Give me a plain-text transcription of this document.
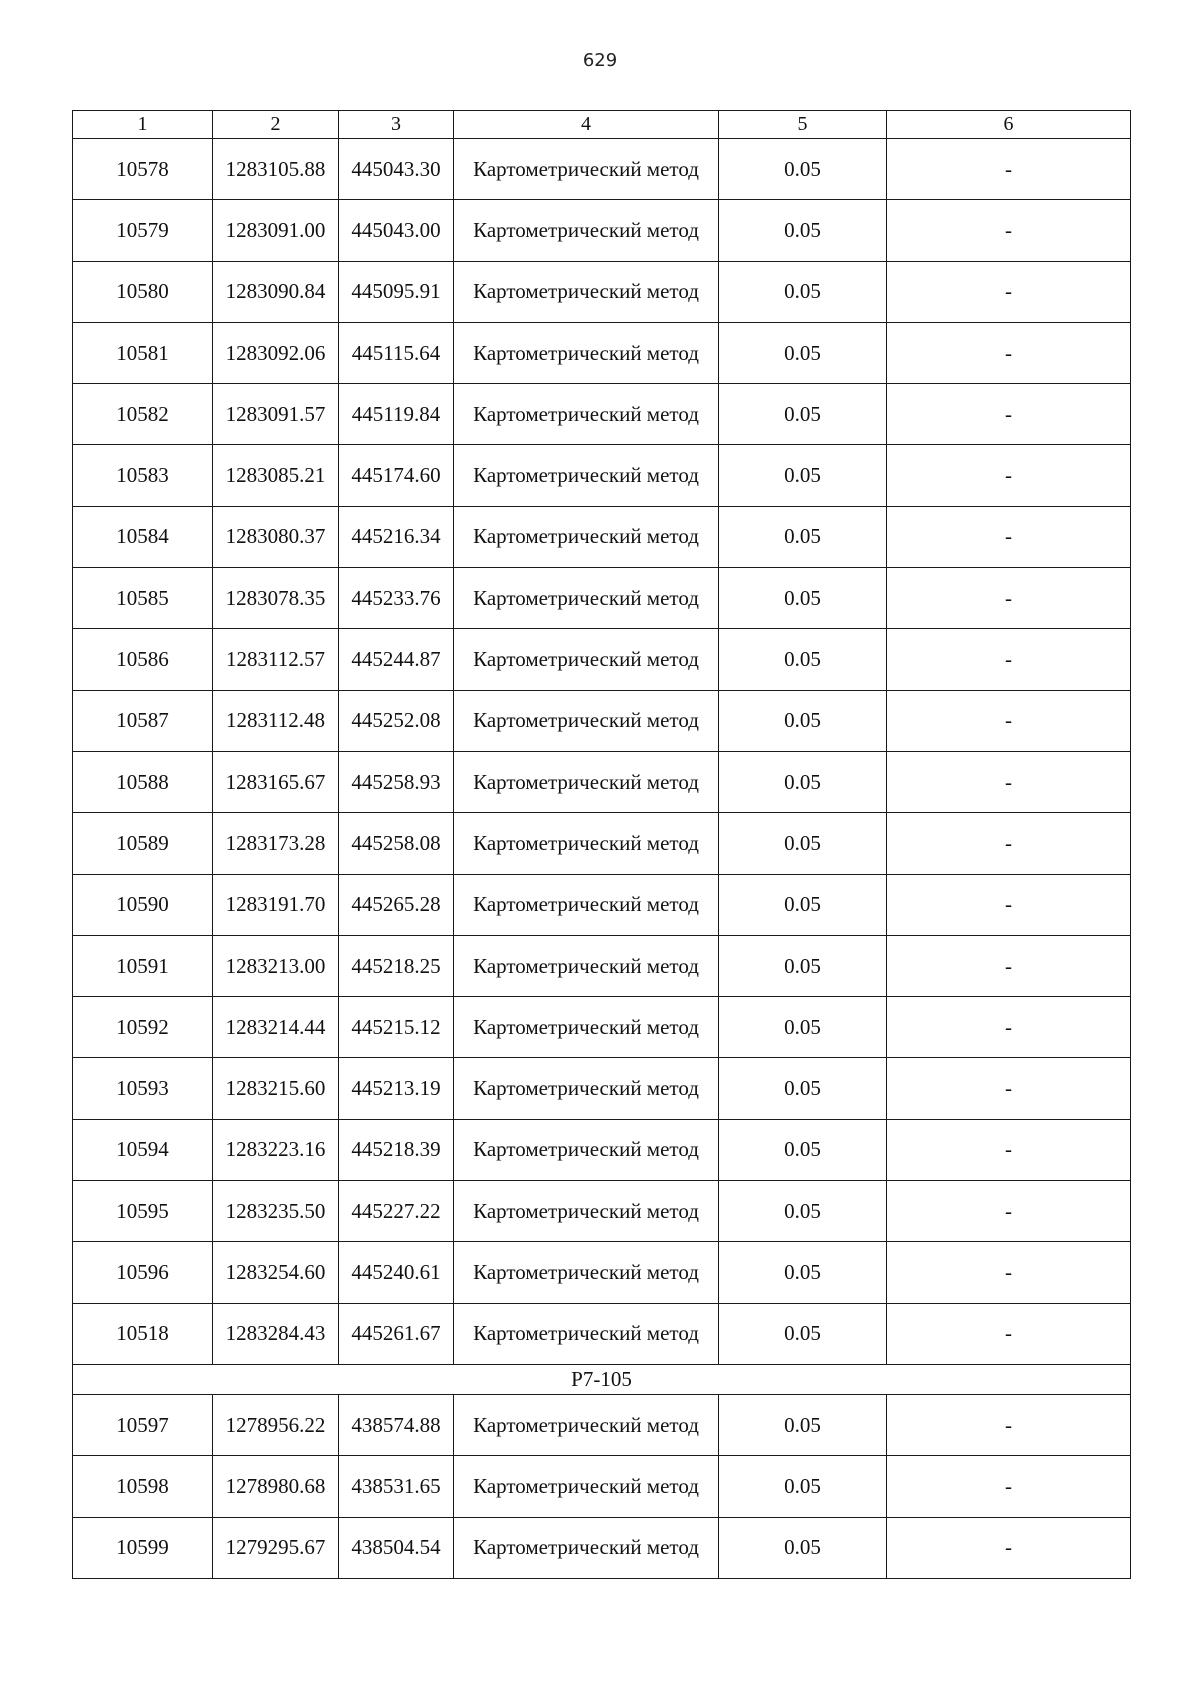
629
1	2	3	4	5	6
10578	1283105.88	445043.30	Картометрический метод	0.05	-
10579	1283091.00	445043.00	Картометрический метод	0.05	-
10580	1283090.84	445095.91	Картометрический метод	0.05	-
10581	1283092.06	445115.64	Картометрический метод	0.05	-
10582	1283091.57	445119.84	Картометрический метод	0.05	-
10583	1283085.21	445174.60	Картометрический метод	0.05	-
10584	1283080.37	445216.34	Картометрический метод	0.05	-
10585	1283078.35	445233.76	Картометрический метод	0.05	-
10586	1283112.57	445244.87	Картометрический метод	0.05	-
10587	1283112.48	445252.08	Картометрический метод	0.05	-
10588	1283165.67	445258.93	Картометрический метод	0.05	-
10589	1283173.28	445258.08	Картометрический метод	0.05	-
10590	1283191.70	445265.28	Картометрический метод	0.05	-
10591	1283213.00	445218.25	Картометрический метод	0.05	-
10592	1283214.44	445215.12	Картометрический метод	0.05	-
10593	1283215.60	445213.19	Картометрический метод	0.05	-
10594	1283223.16	445218.39	Картометрический метод	0.05	-
10595	1283235.50	445227.22	Картометрический метод	0.05	-
10596	1283254.60	445240.61	Картометрический метод	0.05	-
10518	1283284.43	445261.67	Картометрический метод	0.05	-
Р7-105					
10597	1278956.22	438574.88	Картометрический метод	0.05	-
10598	1278980.68	438531.65	Картометрический метод	0.05	-
10599	1279295.67	438504.54	Картометрический метод	0.05	-
